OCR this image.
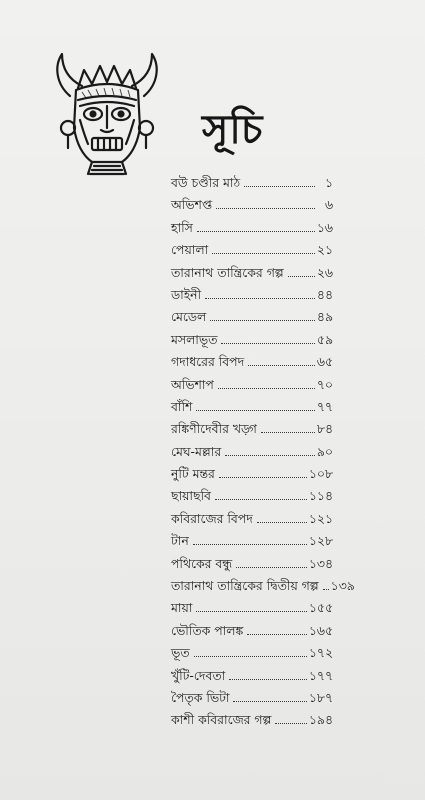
সূচি
বউ চণ্ডীর মাঠ	১
অভিশপ্ত	৬
হাসি	১৬
পেয়ালা	২১
তারানাথ তান্ত্রিকের গল্প	২৬
ডাইনী	৪৪
মেডেল	৪৯
মসলাভূত	৫৯
গদাধরের বিপদ	৬৫
অভিশাপ	৭০
বাঁশি	৭৭
রঙ্কিণীদেবীর খড়্গ	৮৪
মেঘ-মল্লার	৯০
নুটি মন্তর	১০৮
ছায়াছবি	১১৪
কবিরাজের বিপদ	১২১
টান	১২৮
পথিকের বন্ধু	১৩৪
তারানাথ তান্ত্রিকের দ্বিতীয় গল্প ১৩৯
মায়া	১৫৫
ভৌতিক পালঙ্ক	১৬৫
ভূত	১৭২
খুঁটি-দেবতা	১৭৭
পৈতৃক ভিটা	১৮৭
কাশী কবিরাজের গল্প	১৯৪
